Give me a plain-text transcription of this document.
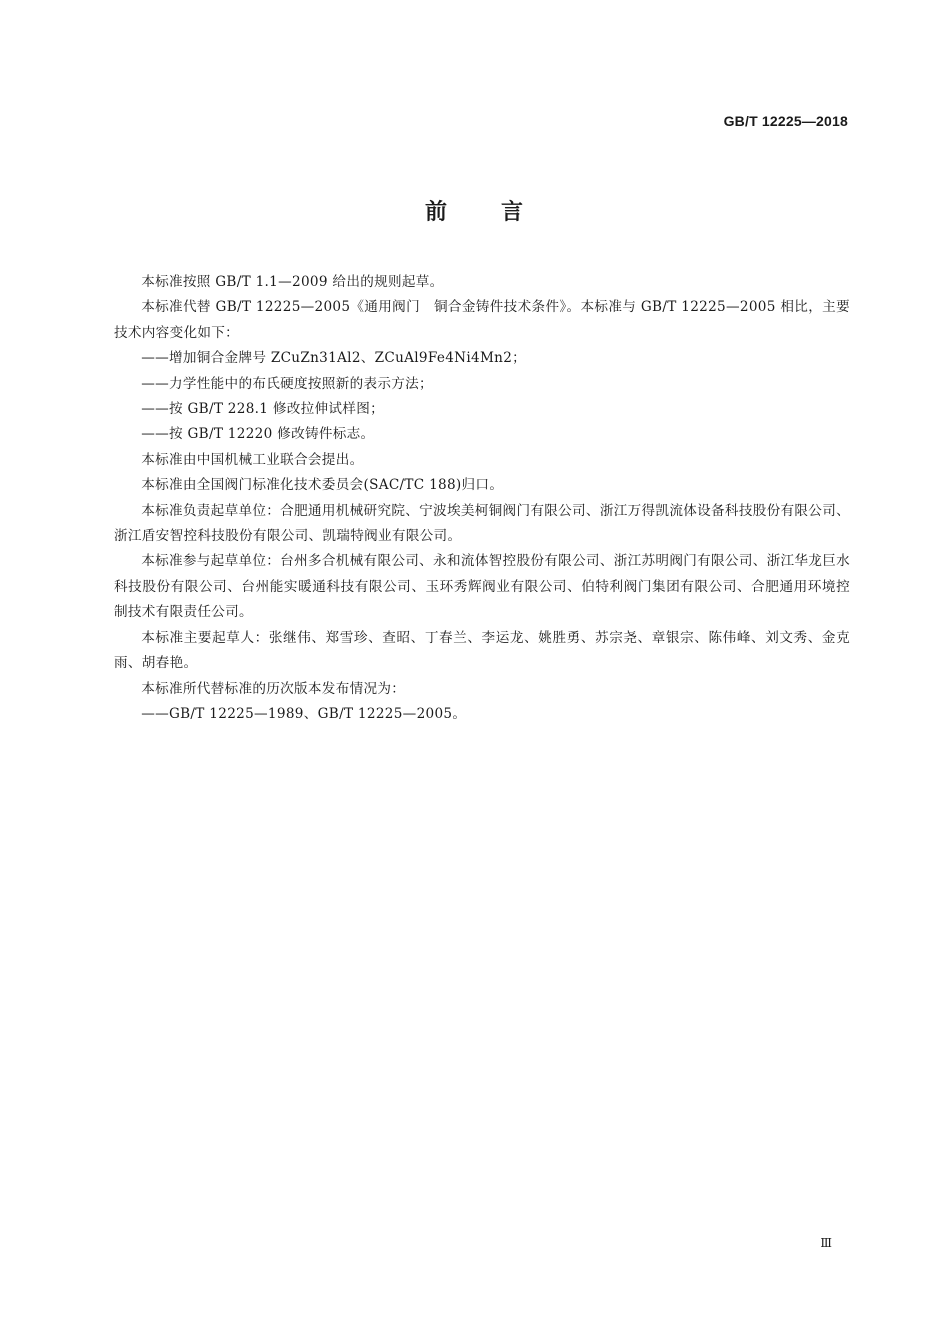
GB/T 12225—2018
前 言

本标准按照 GB/T 1.1—2009 给出的规则起草。

本标准代替 GB/T 12225—2005《通用阀门　铜合金铸件技术条件》。本标准与 GB/T 12225—2005 相比，主要技术内容变化如下：

——增加铜合金牌号 ZCuZn31Al2、ZCuAl9Fe4Ni4Mn2；

——力学性能中的布氏硬度按照新的表示方法；

——按 GB/T 228.1 修改拉伸试样图；

——按 GB/T 12220 修改铸件标志。

本标准由中国机械工业联合会提出。

本标准由全国阀门标准化技术委员会(SAC/TC 188)归口。

本标准负责起草单位：合肥通用机械研究院、宁波埃美柯铜阀门有限公司、浙江万得凯流体设备科技股份有限公司、浙江盾安智控科技股份有限公司、凯瑞特阀业有限公司。

本标准参与起草单位：台州多合机械有限公司、永和流体智控股份有限公司、浙江苏明阀门有限公司、浙江华龙巨水科技股份有限公司、台州能实暖通科技有限公司、玉环秀辉阀业有限公司、伯特利阀门集团有限公司、合肥通用环境控制技术有限责任公司。

本标准主要起草人：张继伟、郑雪珍、查昭、丁春兰、李运龙、姚胜勇、苏宗尧、章银宗、陈伟峰、刘文秀、金克雨、胡春艳。

本标准所代替标准的历次版本发布情况为：

——GB/T 12225—1989、GB/T 12225—2005。

Ⅲ
